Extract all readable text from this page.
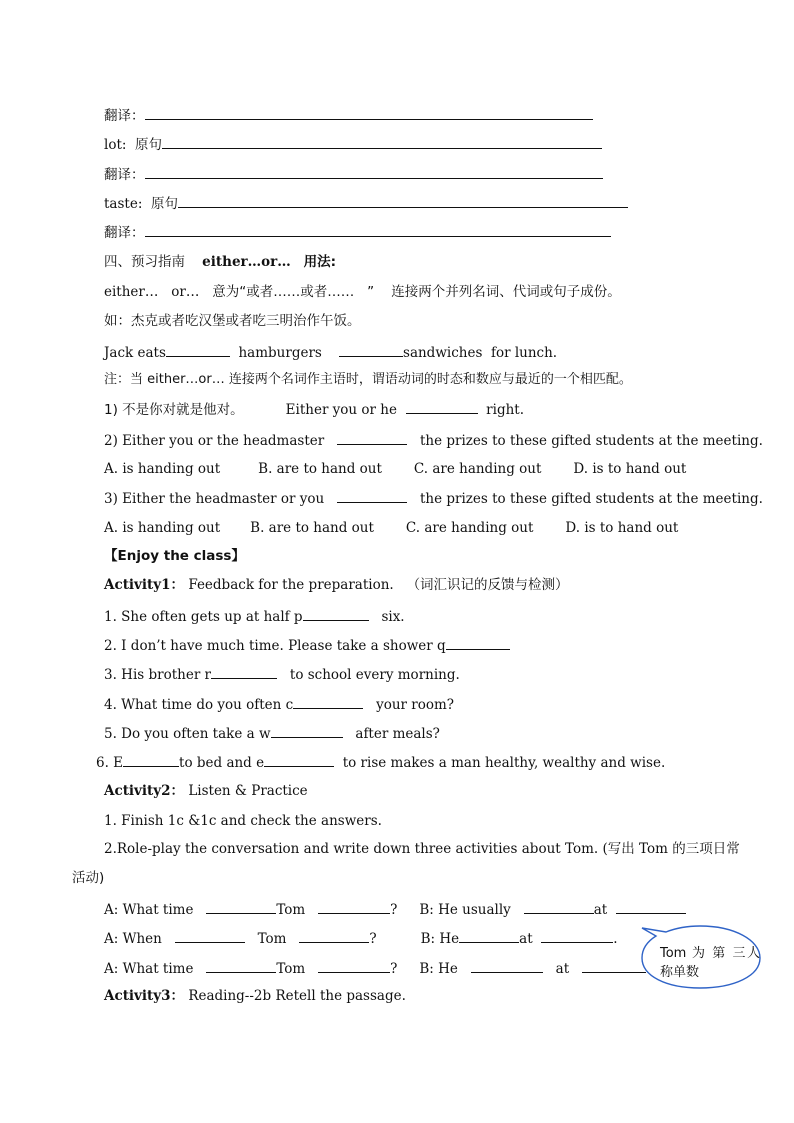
翻译：
lot: 原句
翻译：
taste: 原句
翻译：
四、预习指南 either…or… 用法:
either… or… 意为“或者……或者…… ” 连接两个并列名词、代词或句子成份。
如：杰克或者吃汉堡或者吃三明治作午饭。
Jack eats	hamburgers	sandwiches for lunch.
注：当 either…or… 连接两个名词作主语时，谓语动词的时态和数应与最近的一个相匹配。
1) 不是你对就是他对。	Either you or he	right.
2) Either you or the headmaster	the prizes to these gifted students at the meeting.
A. is handing out	B. are to hand out C. are handing out D. is to hand out
3) Either the headmaster or you	the prizes to these gifted students at the meeting.
A. is handing out B. are to hand out C. are handing out D. is to hand out
【Enjoy the class】
Activity1： Feedback for the preparation. （词汇识记的反馈与检测）
1. She often gets up at half p	six.
2. I don’t have much time. Please take a shower q
3. His brother r	to school every morning.
4. What time do you often c	your room?
5. Do you often take a w	after meals?
6. E	to bed and e	to rise makes a man healthy, wealthy and wise.
Activity2： Listen & Practice
1. Finish 1c &1c and check the answers.
2.Role-play the conversation and write down three activities about Tom. (写出 Tom 的三项日常
活动)
A: What time	Tom	? B: He usually	at
A: When	Tom	?	B: He	at	.
A: What time	Tom	? B: He	at
Activity3： Reading--2b Retell the passage.
Tom 为 第 三人称单数
